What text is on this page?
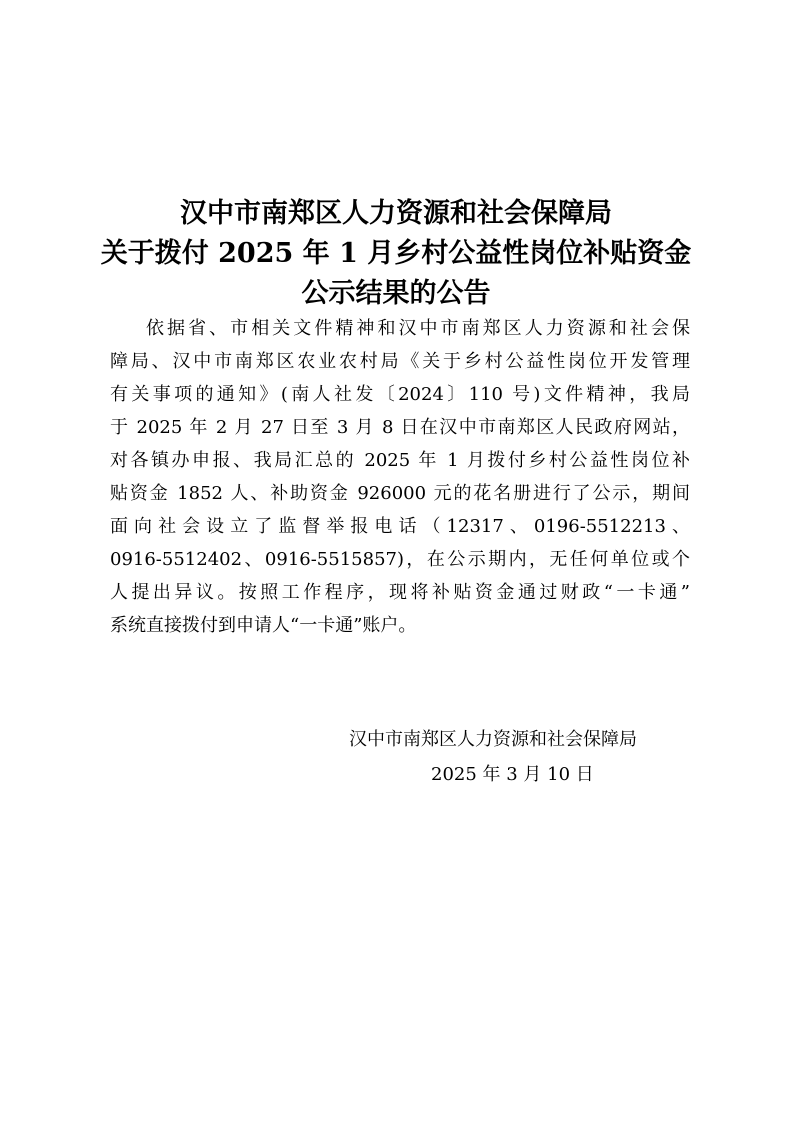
汉中市南郑区人力资源和社会保障局
关于拨付 2025 年 1 月乡村公益性岗位补贴资金
公示结果的公告

依据省、市相关文件精神和汉中市南郑区人力资源和社会保
障局、汉中市南郑区农业农村局《关于乡村公益性岗位开发管理
有关事项的通知》(南人社发〔2024〕110 号)文件精神，我局
于 2025 年 2 月 27 日至 3 月 8 日在汉中市南郑区人民政府网站，
对各镇办申报、我局汇总的 2025 年 1 月拨付乡村公益性岗位补
贴资金 1852 人、补助资金 926000 元的花名册进行了公示，期间
面向社会设立了监督举报电话（12317、0196-5512213、
0916-5512402、0916-5515857)，在公示期内，无任何单位或个
人提出异议。按照工作程序，现将补贴资金通过财政“一卡通”
系统直接拨付到申请人“一卡通”账户。

汉中市南郑区人力资源和社会保障局
2025 年 3 月 10 日
